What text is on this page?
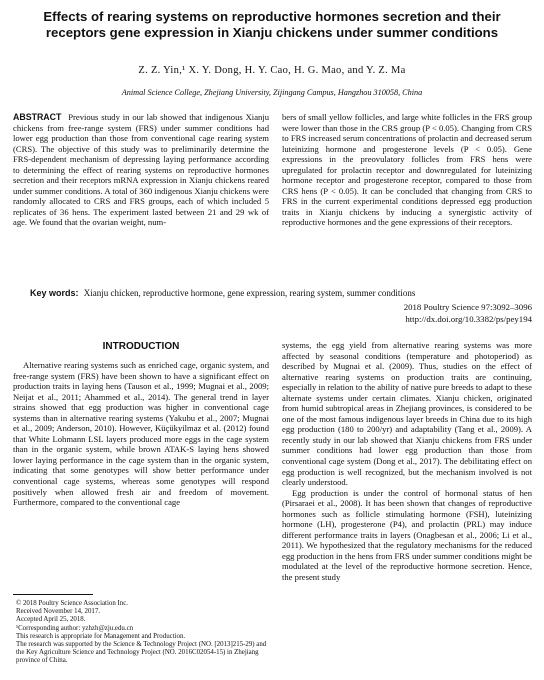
Effects of rearing systems on reproductive hormones secretion and their receptors gene expression in Xianju chickens under summer conditions
Z. Z. Yin,¹ X. Y. Dong, H. Y. Cao, H. G. Mao, and Y. Z. Ma
Animal Science College, Zhejiang University, Zijingang Campus, Hangzhou 310058, China
ABSTRACT Previous study in our lab showed that indigenous Xianju chickens from free-range system (FRS) under summer conditions had lower egg production than those from conventional cage rearing system (CRS). The objective of this study was to preliminarily determine the FRS-dependent mechanism of depressing laying performance according to determining the effect of rearing systems on reproductive hormones secretion and their receptors mRNA expression in Xianju chickens reared under summer conditions. A total of 360 indigenous Xianju chickens were randomly allocated to CRS and FRS groups, each of which included 5 replicates of 36 hens. The experiment lasted between 21 and 29 wk of age. We found that the ovarian weight, num-
bers of small yellow follicles, and large white follicles in the FRS group were lower than those in the CRS group (P < 0.05). Changing from CRS to FRS increased serum concentrations of prolactin and decreased serum luteinizing hormone and progesterone levels (P < 0.05). Gene expressions in the preovulatory follicles from FRS hens were upregulated for prolactin receptor and downregulated for luteinizing hormone receptor and progesterone receptor, compared to those from CRS hens (P < 0.05). It can be concluded that changing from CRS to FRS in the current experimental conditions depressed egg production traits in Xianju chickens by inducing a synergistic activity of reproductive hormones and the gene expressions of their receptors.
Key words: Xianju chicken, reproductive hormone, gene expression, rearing system, summer conditions
2018 Poultry Science 97:3092–3096
http://dx.doi.org/10.3382/ps/pey194
INTRODUCTION

Alternative rearing systems such as enriched cage, organic system, and free-range system (FRS) have been shown to have a significant effect on production traits in laying hens (Tauson et al., 1999; Mugnai et al., 2009; Neijat et al., 2011; Ahammed et al., 2014). The general trend in layer strains showed that egg production was higher in conventional cage systems than in alternative rearing systems (Yakubu et al., 2007; Mugnai et al., 2009; Anderson, 2010). However, Küçükyilmaz et al. (2012) found that White Lohmann LSL layers produced more eggs in the cage system than in the organic system, while brown ATAK-S laying hens showed lower laying performance in the cage system than in the organic system, indicating that some genotypes will show better performance under conventional cage systems, whereas some genotypes will respond positively when allowed fresh air and freedom of movement. Furthermore, compared to the conventional cage

systems, the egg yield from alternative rearing systems was more affected by seasonal conditions (temperature and photoperiod) as described by Mugnai et al. (2009). Thus, studies on the effect of alternative rearing systems on production traits are continuing, especially in relation to the ability of native pure breeds to adapt to these alternate systems under certain climates. Xianju chicken, originated from humid subtropical areas in Zhejiang provinces, is considered to be one of the most famous indigenous layer breeds in China due to its high egg production (180 to 200/yr) and adaptability (Tang et al., 2009). A recently study in our lab showed that Xianju chickens from FRS under summer conditions had lower egg production than those from conventional cage system (Dong et al., 2017). The debilitating effect on egg production is well recognized, but the mechanism involved is not clearly understood.

Egg production is under the control of hormonal status of hen (Pirsaraei et al., 2008). It has been shown that changes of reproductive hormones such as follicle stimulating hormone (FSH), luteinizing hormone (LH), progesterone (P4), and prolactin (PRL) may induce different performance traits in layers (Onagbesan et al., 2006; Li et al., 2011). We hypothesized that the regulatory mechanisms for the reduced egg production in the hens from FRS under summer conditions might be modulated at the level of the reproductive hormone secretion. Hence, the present study

© 2018 Poultry Science Association Inc.
Received November 14, 2017.
Accepted April 25, 2018.
¹Corresponding author: yzhzh@zju.edu.cn
This research is appropriate for Management and Production.
The research was supported by the Science & Technology Project (NO. [2013]215-29) and the Key Agriculture Science and Technology Project (NO. 2016C02054-15) in Zhejiang province of China.
